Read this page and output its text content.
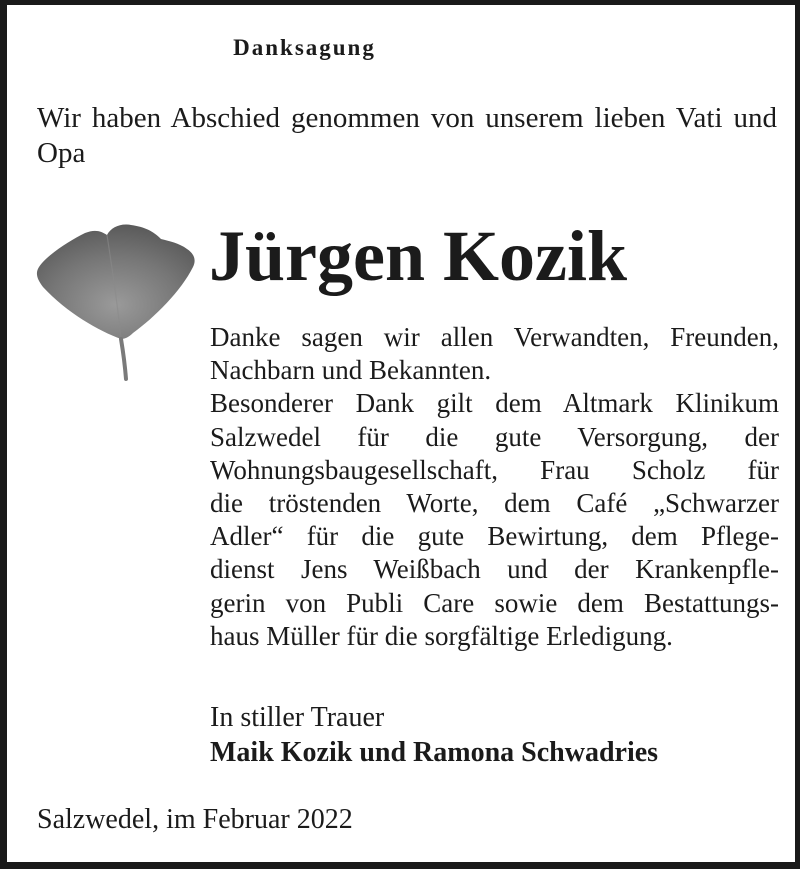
Danksagung
Wir haben Abschied genommen von unserem lieben Vati und Opa
Jürgen Kozik
Danke sagen wir allen Verwandten, Freunden,
Nachbarn und Bekannten.
Besonderer Dank gilt dem Altmark Klinikum
Salzwedel für die gute Versorgung, der
Wohnungsbaugesellschaft, Frau Scholz für
die tröstenden Worte, dem Café „Schwarzer
Adler“ für die gute Bewirtung, dem Pflege-
dienst Jens Weißbach und der Krankenpfle-
gerin von Publi Care sowie dem Bestattungs-
haus Müller für die sorgfältige Erledigung.
In stiller Trauer
Maik Kozik und Ramona Schwadries
Salzwedel, im Februar 2022
